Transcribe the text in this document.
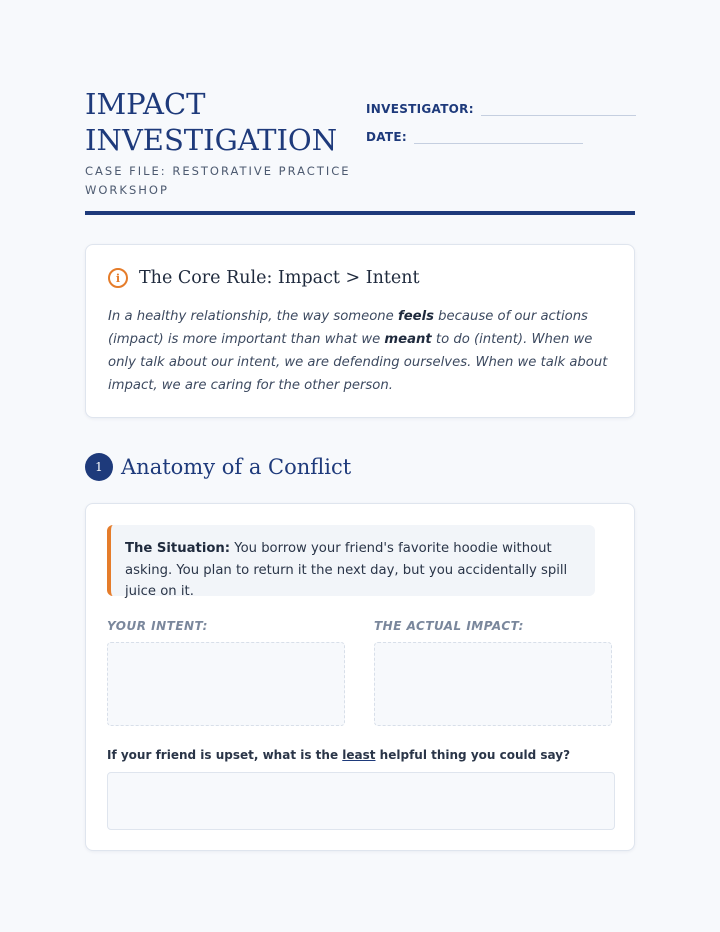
IMPACT INVESTIGATION
CASE FILE: RESTORATIVE PRACTICE WORKSHOP
INVESTIGATOR:
DATE:
i	The Core Rule: Impact > Intent
In a healthy relationship, the way someone feels because of our actions (impact) is more important than what we meant to do (intent). When we only talk about our intent, we are defending ourselves. When we talk about impact, we are caring for the other person.
1 Anatomy of a Conflict
The Situation: You borrow your friend's favorite hoodie without asking. You plan to return it the next day, but you accidentally spill juice on it.
YOUR INTENT:	THE ACTUAL IMPACT:
If your friend is upset, what is the least helpful thing you could say?
